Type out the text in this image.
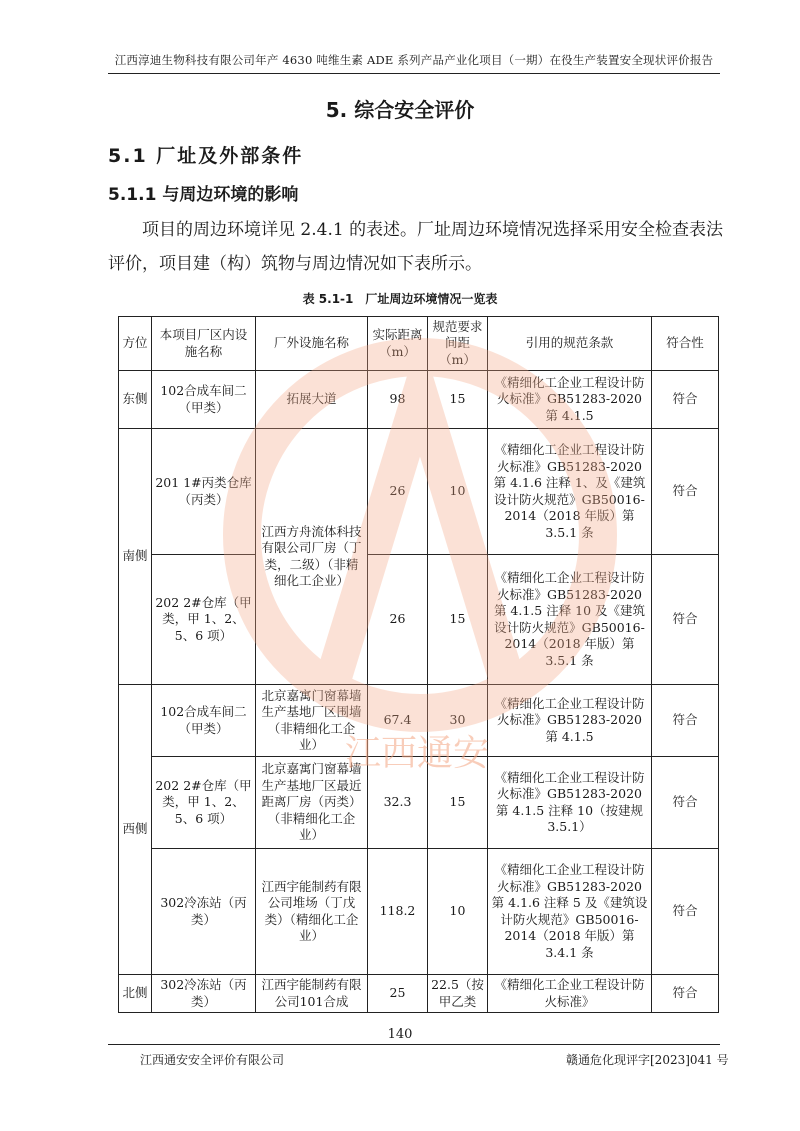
江西淳迪生物科技有限公司年产 4630 吨维生素 ADE 系列产品产业化项目（一期）在役生产装置安全现状评价报告
5. 综合安全评价
5.1 厂址及外部条件
5.1.1 与周边环境的影响
项目的周边环境详见 2.4.1 的表述。厂址周边环境情况选择采用安全检查表法评价，项目建（构）筑物与周边情况如下表所示。
表 5.1-1　厂址周边环境情况一览表
方位	本项目厂区内设施名称	厂外设施名称	实际距离（m）	规范要求间距（m）	引用的规范条款	符合性
东侧	102合成车间二（甲类）	拓展大道	98	15	《精细化工企业工程设计防火标准》GB51283-2020 第 4.1.5	符合
南侧	201 1#丙类仓库（丙类）	江西方舟流体科技有限公司厂房（丁类，二级）（非精细化工企业）	26	10	《精细化工企业工程设计防火标准》GB51283-2020 第 4.1.6 注释 1、及《建筑设计防火规范》GB50016-2014（2018 年版）第 3.5.1 条	符合
	202 2#仓库（甲类，甲 1、2、5、6 项）		26	15	《精细化工企业工程设计防火标准》GB51283-2020 第 4.1.5 注释 10 及《建筑设计防火规范》GB50016-2014（2018 年版）第 3.5.1 条	符合
西侧	102合成车间二（甲类）	北京嘉寓门窗幕墙生产基地厂区围墙（非精细化工企业）	67.4	30	《精细化工企业工程设计防火标准》GB51283-2020 第 4.1.5	符合
	202 2#仓库（甲类，甲 1、2、5、6 项）	北京嘉寓门窗幕墙生产基地厂区最近距离厂房（丙类）（非精细化工企业）	32.3	15	《精细化工企业工程设计防火标准》GB51283-2020 第 4.1.5 注释 10（按建规 3.5.1）	符合
	302冷冻站（丙类）	江西宇能制药有限公司堆场（丁戊类）（精细化工企业）	118.2	10	《精细化工企业工程设计防火标准》GB51283-2020 第 4.1.6 注释 5 及《建筑设计防火规范》GB50016-2014（2018 年版）第 3.4.1 条	符合
北侧	302冷冻站（丙类）	江西宇能制药有限公司101合成	25	22.5（按甲乙类	《精细化工企业工程设计防火标准》	符合
江西通安
140
江西通安安全评价有限公司	赣通危化现评字[2023]041 号
